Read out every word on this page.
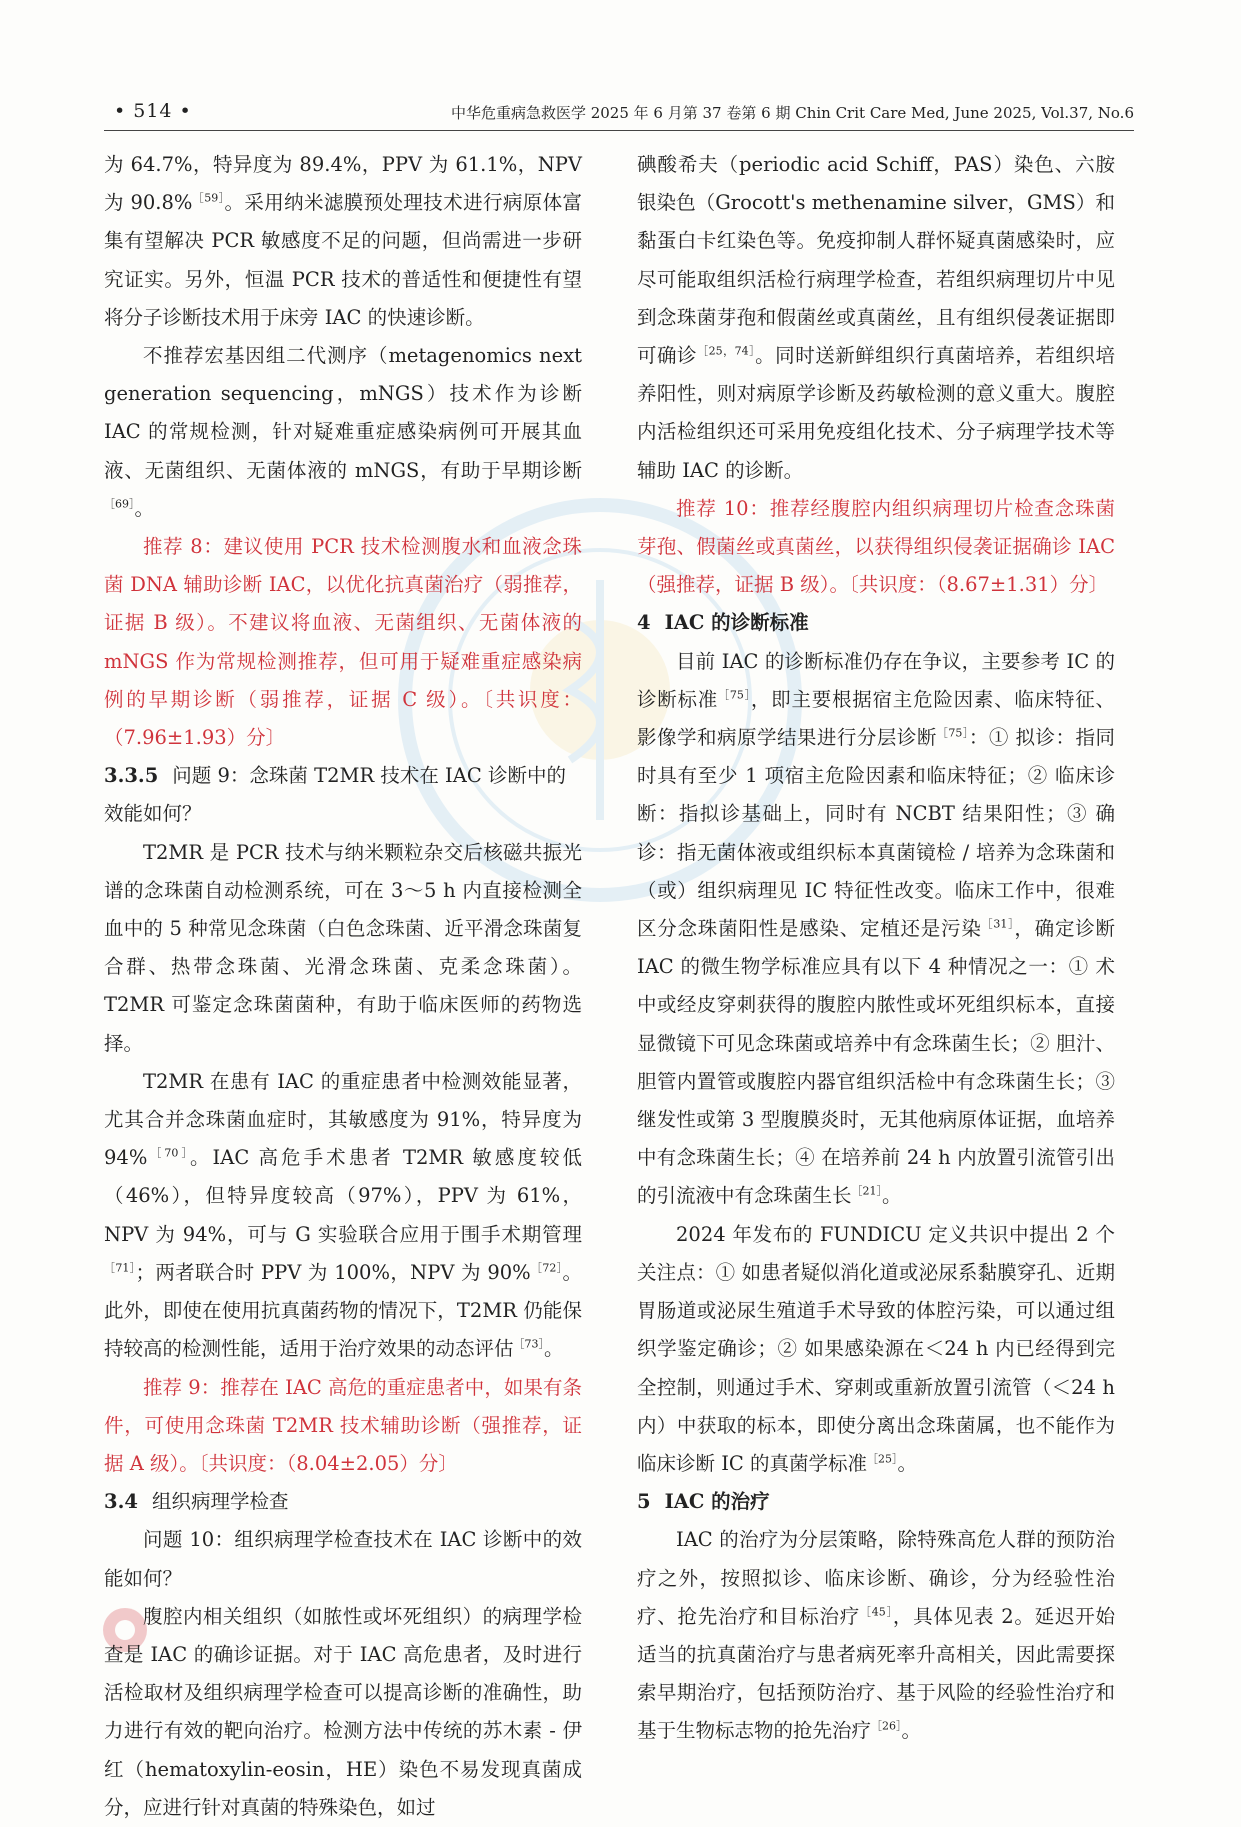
• 514 •	中华危重病急救医学 2025 年 6 月第 37 卷第 6 期 Chin Crit Care Med, June 2025, Vol.37, No.6

为 64.7%，特异度为 89.4%，PPV 为 61.1%，NPV 为 90.8%$^{[59]}$。采用纳米滤膜预处理技术进行病原体富集有望解决 PCR 敏感度不足的问题，但尚需进一步研究证实。另外，恒温 PCR 技术的普适性和便捷性有望将分子诊断技术用于床旁 IAC 的快速诊断。

不推荐宏基因组二代测序（metagenomics next generation sequencing，mNGS）技术作为诊断 IAC 的常规检测，针对疑难重症感染病例可开展其血液、无菌组织、无菌体液的 mNGS，有助于早期诊断$^{[69]}$。

推荐 8：建议使用 PCR 技术检测腹水和血液念珠菌 DNA 辅助诊断 IAC，以优化抗真菌治疗（弱推荐，证据 B 级）。不建议将血液、无菌组织、无菌体液的 mNGS 作为常规检测推荐，但可用于疑难重症感染病例的早期诊断（弱推荐，证据 C 级）。〔共识度：（7.96±1.93）分〕

3.3.5 问题 9：念珠菌 T2MR 技术在 IAC 诊断中的效能如何？

T2MR 是 PCR 技术与纳米颗粒杂交后核磁共振光谱的念珠菌自动检测系统，可在 3～5 h 内直接检测全血中的 5 种常见念珠菌（白色念珠菌、近平滑念珠菌复合群、热带念珠菌、光滑念珠菌、克柔念珠菌）。T2MR 可鉴定念珠菌菌种，有助于临床医师的药物选择。

T2MR 在患有 IAC 的重症患者中检测效能显著，尤其合并念珠菌血症时，其敏感度为 91%，特异度为 94%$^{[70]}$。IAC 高危手术患者 T2MR 敏感度较低（46%），但特异度较高（97%），PPV 为 61%，NPV 为 94%，可与 G 实验联合应用于围手术期管理$^{[71]}$；两者联合时 PPV 为 100%，NPV 为 90%$^{[72]}$。此外，即使在使用抗真菌药物的情况下，T2MR 仍能保持较高的检测性能，适用于治疗效果的动态评估$^{[73]}$。

推荐 9：推荐在 IAC 高危的重症患者中，如果有条件，可使用念珠菌 T2MR 技术辅助诊断（强推荐，证据 A 级）。〔共识度：（8.04±2.05）分〕

3.4 组织病理学检查

问题 10：组织病理学检查技术在 IAC 诊断中的效能如何？

腹腔内相关组织（如脓性或坏死组织）的病理学检查是 IAC 的确诊证据。对于 IAC 高危患者，及时进行活检取材及组织病理学检查可以提高诊断的准确性，助力进行有效的靶向治疗。检测方法中传统的苏木素 - 伊红（hematoxylin-eosin，HE）染色不易发现真菌成分，应进行针对真菌的特殊染色，如过

碘酸希夫（periodic acid Schiff，PAS）染色、六胺银染色（Grocott's methenamine silver，GMS）和黏蛋白卡红染色等。免疫抑制人群怀疑真菌感染时，应尽可能取组织活检行病理学检查，若组织病理切片中见到念珠菌芽孢和假菌丝或真菌丝，且有组织侵袭证据即可确诊$^{[25,74]}$。同时送新鲜组织行真菌培养，若组织培养阳性，则对病原学诊断及药敏检测的意义重大。腹腔内活检组织还可采用免疫组化技术、分子病理学技术等辅助 IAC 的诊断。

推荐 10：推荐经腹腔内组织病理切片检查念珠菌芽孢、假菌丝或真菌丝，以获得组织侵袭证据确诊 IAC（强推荐，证据 B 级）。〔共识度：（8.67±1.31）分〕

4 IAC 的诊断标准

目前 IAC 的诊断标准仍存在争议，主要参考 IC 的诊断标准$^{[75]}$，即主要根据宿主危险因素、临床特征、影像学和病原学结果进行分层诊断$^{[75]}$：① 拟诊：指同时具有至少 1 项宿主危险因素和临床特征；② 临床诊断：指拟诊基础上，同时有 NCBT 结果阳性；③ 确诊：指无菌体液或组织标本真菌镜检 / 培养为念珠菌和（或）组织病理见 IC 特征性改变。临床工作中，很难区分念珠菌阳性是感染、定植还是污染$^{[31]}$，确定诊断 IAC 的微生物学标准应具有以下 4 种情况之一：① 术中或经皮穿刺获得的腹腔内脓性或坏死组织标本，直接显微镜下可见念珠菌或培养中有念珠菌生长；② 胆汁、胆管内置管或腹腔内器官组织活检中有念珠菌生长；③ 继发性或第 3 型腹膜炎时，无其他病原体证据，血培养中有念珠菌生长；④ 在培养前 24 h 内放置引流管引出的引流液中有念珠菌生长$^{[21]}$。

2024 年发布的 FUNDICU 定义共识中提出 2 个关注点：① 如患者疑似消化道或泌尿系黏膜穿孔、近期胃肠道或泌尿生殖道手术导致的体腔污染，可以通过组织学鉴定确诊；② 如果感染源在＜24 h 内已经得到完全控制，则通过手术、穿刺或重新放置引流管（＜24 h 内）中获取的标本，即使分离出念珠菌属，也不能作为临床诊断 IC 的真菌学标准$^{[25]}$。

5 IAC 的治疗

IAC 的治疗为分层策略，除特殊高危人群的预防治疗之外，按照拟诊、临床诊断、确诊，分为经验性治疗、抢先治疗和目标治疗$^{[45]}$，具体见表 2。延迟开始适当的抗真菌治疗与患者病死率升高相关，因此需要探索早期治疗，包括预防治疗、基于风险的经验性治疗和基于生物标志物的抢先治疗$^{[26]}$。
